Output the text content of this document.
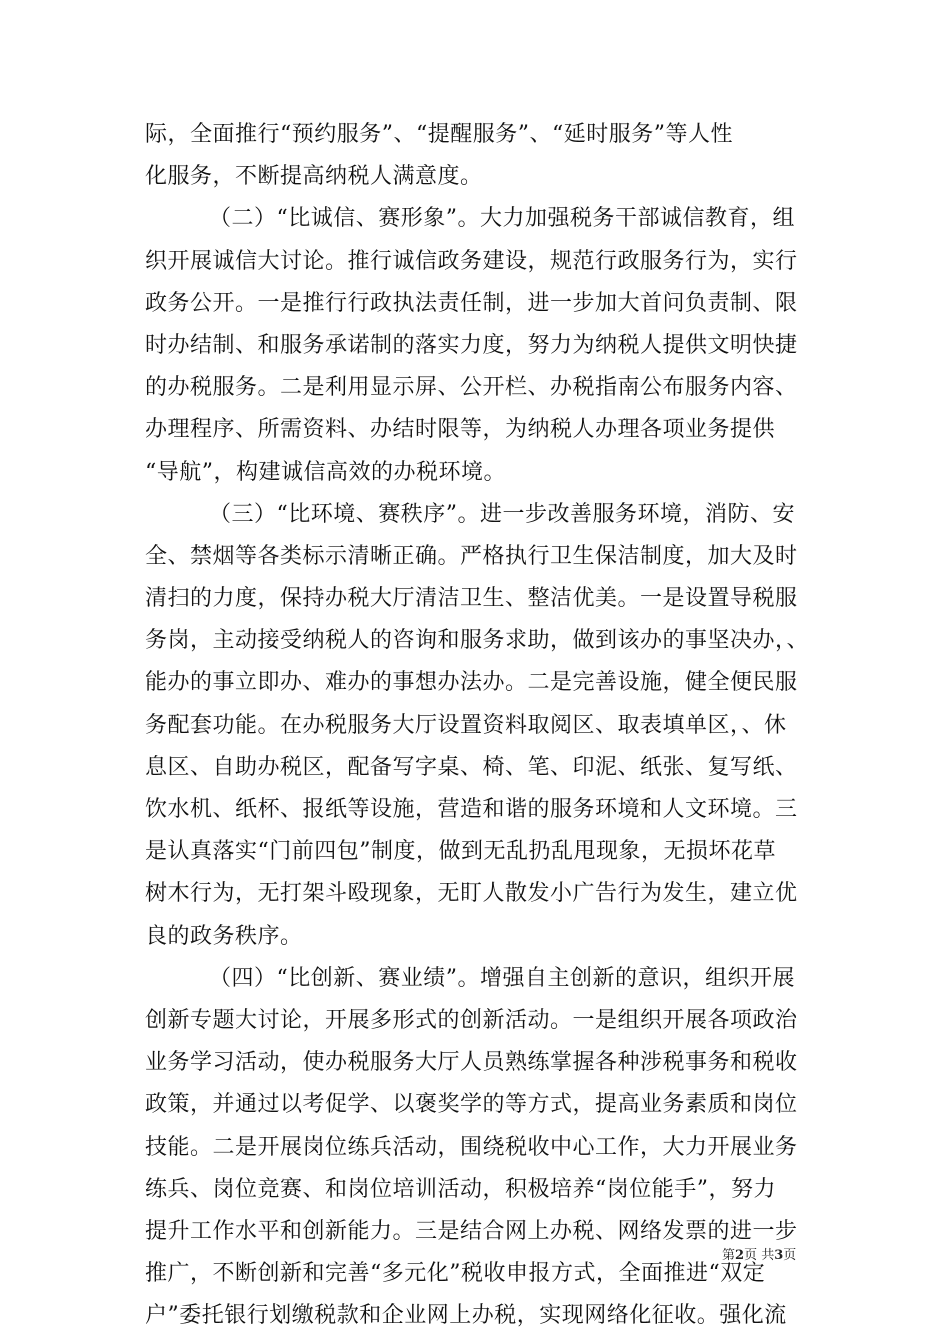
际，全面推行“预约服务”、“提醒服务”、“延时服务”等人性
化服务，不断提高纳税人满意度。
（二）“比诚信、赛形象”。大力加强税务干部诚信教育，组
织开展诚信大讨论。推行诚信政务建设，规范行政服务行为，实行
政务公开。一是推行行政执法责任制，进一步加大首问负责制、限
时办结制、和服务承诺制的落实力度，努力为纳税人提供文明快捷
的办税服务。二是利用显示屏、公开栏、办税指南公布服务内容、
办理程序、所需资料、办结时限等，为纳税人办理各项业务提供
“导航”，构建诚信高效的办税环境。
（三）“比环境、赛秩序”。进一步改善服务环境，消防、安
全、禁烟等各类标示清晰正确。严格执行卫生保洁制度，加大及时
清扫的力度，保持办税大厅清洁卫生、整洁优美。一是设置导税服
务岗，主动接受纳税人的咨询和服务求助，做到该办的事坚决办，、
能办的事立即办、难办的事想办法办。二是完善设施，健全便民服
务配套功能。在办税服务大厅设置资料取阅区、取表填单区，、休
息区、自助办税区，配备写字桌、椅、笔、印泥、纸张、复写纸、
饮水机、纸杯、报纸等设施，营造和谐的服务环境和人文环境。三
是认真落实“门前四包”制度，做到无乱扔乱甩现象，无损坏花草
树木行为，无打架斗殴现象，无盯人散发小广告行为发生，建立优
良的政务秩序。
（四）“比创新、赛业绩”。增强自主创新的意识，组织开展
创新专题大讨论，开展多形式的创新活动。一是组织开展各项政治
业务学习活动，使办税服务大厅人员熟练掌握各种涉税事务和税收
政策，并通过以考促学、以褒奖学的等方式，提高业务素质和岗位
技能。二是开展岗位练兵活动，围绕税收中心工作，大力开展业务
练兵、岗位竞赛、和岗位培训活动，积极培养“岗位能手”，努力
提升工作水平和创新能力。三是结合网上办税、网络发票的进一步
推广，不断创新和完善“多元化”税收申报方式，全面推进“双定
户”委托银行划缴税款和企业网上办税，实现网络化征收。强化流
第2页 共3页
